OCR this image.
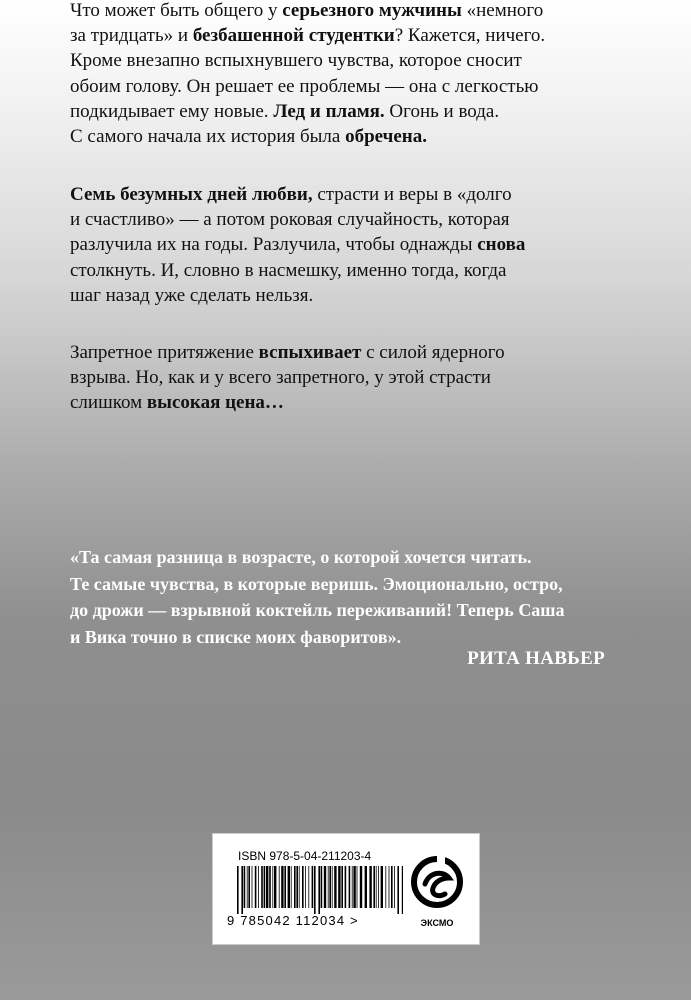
Что может быть общего у серьезного мужчины «немного
за тридцать» и безбашенной студентки? Кажется, ничего.
Кроме внезапно вспыхнувшего чувства, которое сносит
обоим голову. Он решает ее проблемы — она с легкостью
подкидывает ему новые. Лед и пламя. Огонь и вода.
С самого начала их история была обречена.
Семь безумных дней любви, страсти и веры в «долго
и счастливо» — а потом роковая случайность, которая
разлучила их на годы. Разлучила, чтобы однажды снова
столкнуть. И, словно в насмешку, именно тогда, когда
шаг назад уже сделать нельзя.
Запретное притяжение вспыхивает с силой ядерного
взрыва. Но, как и у всего запретного, у этой страсти
слишком высокая цена…
«Та самая разница в возрасте, о которой хочется читать.
Те самые чувства, в которые веришь. Эмоционально, остро,
до дрожи — взрывной коктейль переживаний! Теперь Саша
и Вика точно в списке моих фаворитов».
РИТА НАВЬЕР
ISBN 978-5-04-211203-4
9 785042 112034 >	ЭКСМО
